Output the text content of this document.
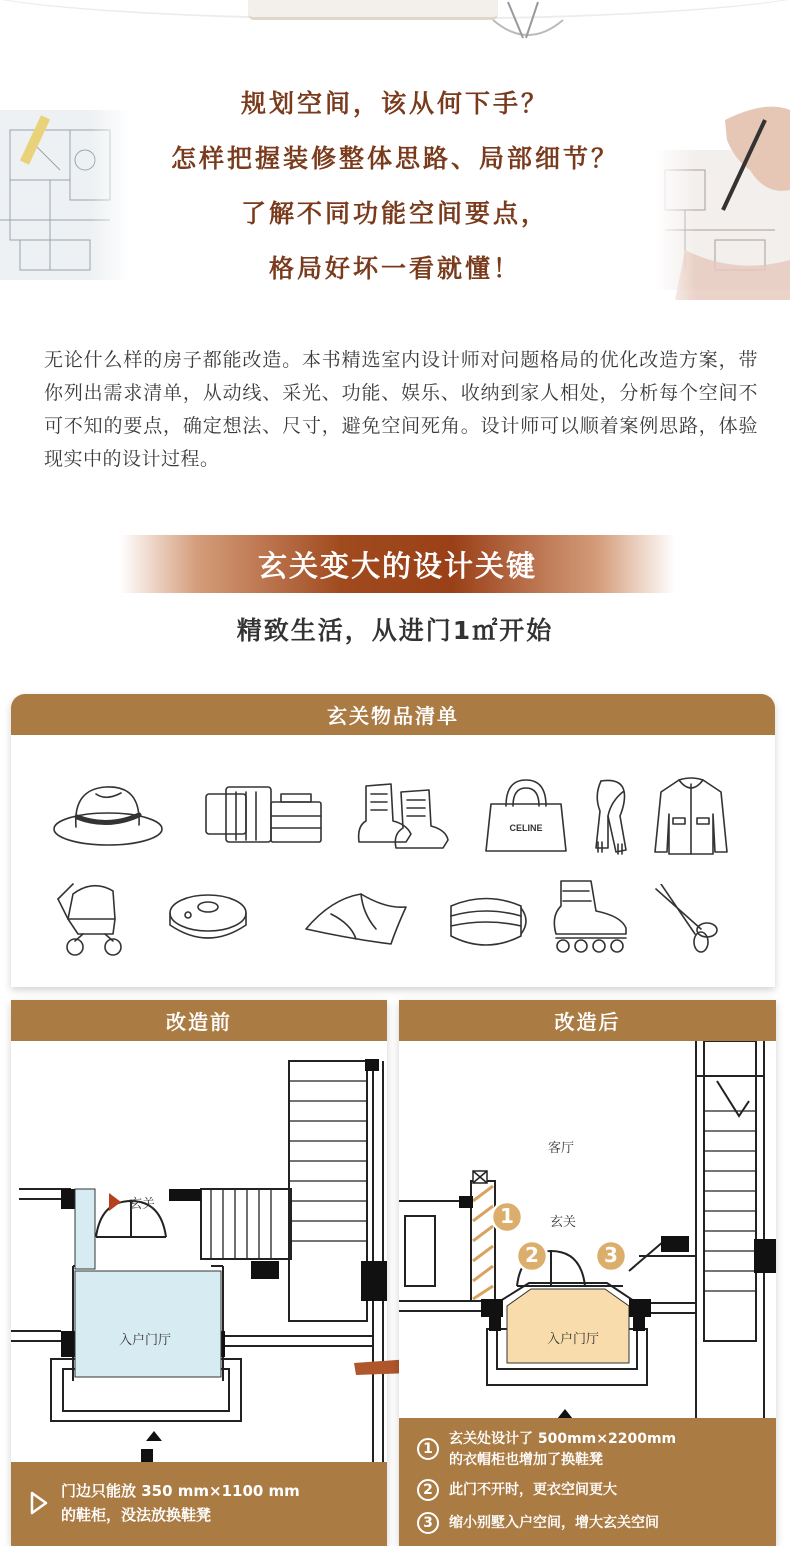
规划空间，该从何下手？
怎样把握装修整体思路、局部细节？
了解不同功能空间要点，
格局好坏一看就懂！

无论什么样的房子都能改造。本书精选室内设计师对问题格局的优化改造方案，带你列出需求清单，从动线、采光、功能、娱乐、收纳到家人相处，分析每个空间不可不知的要点，确定想法、尺寸，避免空间死角。设计师可以顺着案例思路，体验现实中的设计过程。

玄关变大的设计关键
精致生活，从进门1㎡开始
玄关物品清单
CELINE
改造前
玄关
入户门厅
门边只能放 350 mm×1100 mm
的鞋柜，没法放换鞋凳
改造后
1
2	3
客厅
玄关
入户门厅
1
玄关处设计了 500mm×2200mm
的衣帽柜也增加了换鞋凳
2	此门不开时，更衣空间更大
3	缩小别墅入户空间，增大玄关空间
